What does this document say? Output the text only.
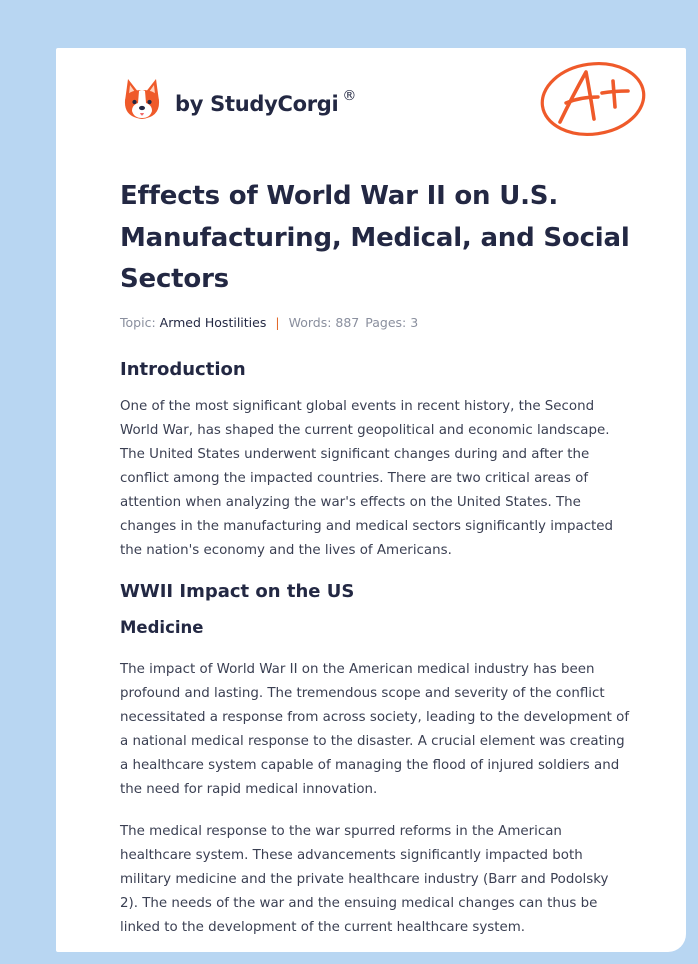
by StudyCorgi ®
Effects of World War II on U.S. Manufacturing, Medical, and Social Sectors
Topic: Armed Hostilities | Words: 887 Pages: 3
Introduction

One of the most significant global events in recent history, the Second World War, has shaped the current geopolitical and economic landscape. The United States underwent significant changes during and after the conflict among the impacted countries. There are two critical areas of attention when analyzing the war's effects on the United States. The changes in the manufacturing and medical sectors significantly impacted the nation's economy and the lives of Americans.

WWII Impact on the US
Medicine

The impact of World War II on the American medical industry has been profound and lasting. The tremendous scope and severity of the conflict necessitated a response from across society, leading to the development of a national medical response to the disaster. A crucial element was creating a healthcare system capable of managing the flood of injured soldiers and the need for rapid medical innovation.

The medical response to the war spurred reforms in the American healthcare system. These advancements significantly impacted both military medicine and the private healthcare industry (Barr and Podolsky 2). The needs of the war and the ensuing medical changes can thus be linked to the development of the current healthcare system.
